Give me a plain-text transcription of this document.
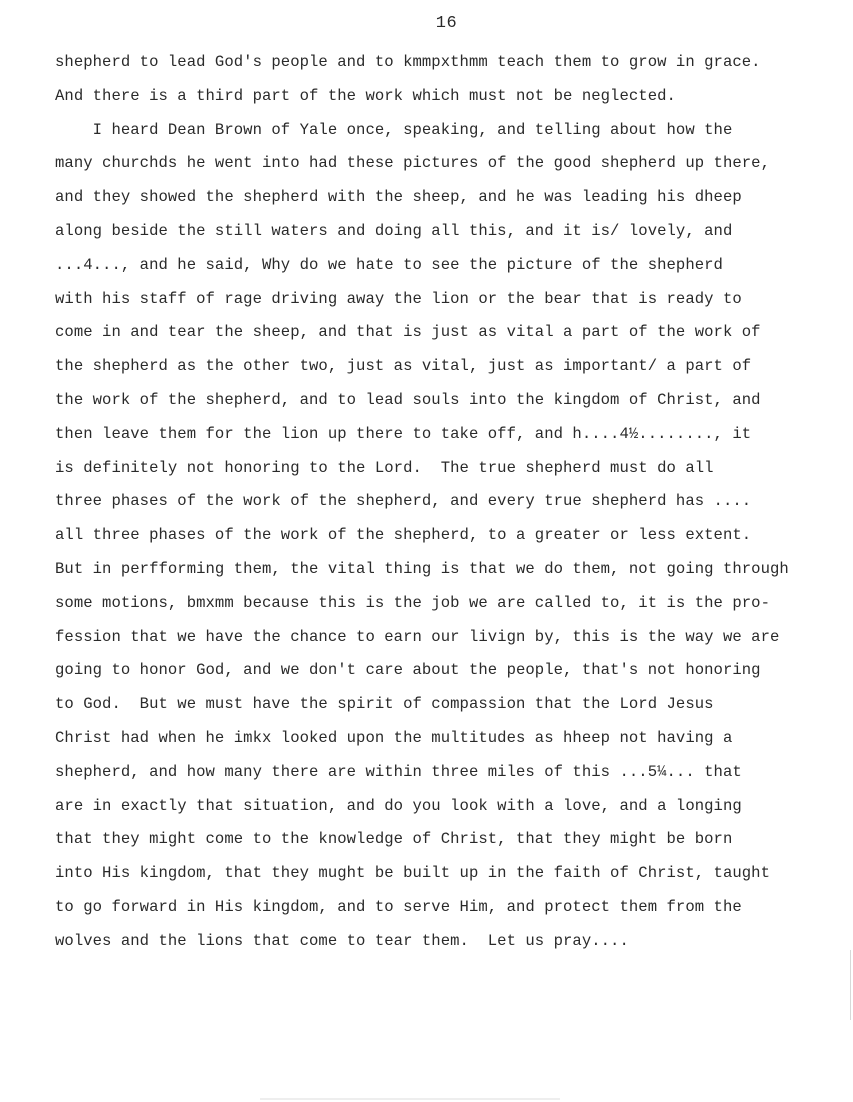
16
shepherd to lead God's people and to kmmpxthmm teach them to grow in grace.
And there is a third part of the work which must not be neglected.
I heard Dean Brown of Yale once, speaking, and telling about how the
many churchds he went into had these pictures of the good shepherd up there,
and they showed the shepherd with the sheep, and he was leading his dheep
along beside the still waters and doing all this, and it is/ lovely, and
...4..., and he said, Why do we hate to see the picture of the shepherd
with his staff of rage driving away the lion or the bear that is ready to
come in and tear the sheep, and that is just as vital a part of the work of
the shepherd as the other two, just as vital, just as important/ a part of
the work of the shepherd, and to lead souls into the kingdom of Christ, and
then leave them for the lion up there to take off, and h....4½........, it
is definitely not honoring to the Lord.  The true shepherd must do all
three phases of the work of the shepherd, and every true shepherd has ....
all three phases of the work of the shepherd, to a greater or less extent.
But in perfforming them, the vital thing is that we do them, not going through
some motions, bmxmm because this is the job we are called to, it is the pro-
fession that we have the chance to earn our livign by, this is the way we are
going to honor God, and we don't care about the people, that's not honoring
to God.  But we must have the spirit of compassion that the Lord Jesus
Christ had when he imkx looked upon the multitudes as hheep not having a
shepherd, and how many there are within three miles of this ...5¼... that
are in exactly that situation, and do you look with a love, and a longing
that they might come to the knowledge of Christ, that they might be born
into His kingdom, that they mught be built up in the faith of Christ, taught
to go forward in His kingdom, and to serve Him, and protect them from the
wolves and the lions that come to tear them.  Let us pray....
